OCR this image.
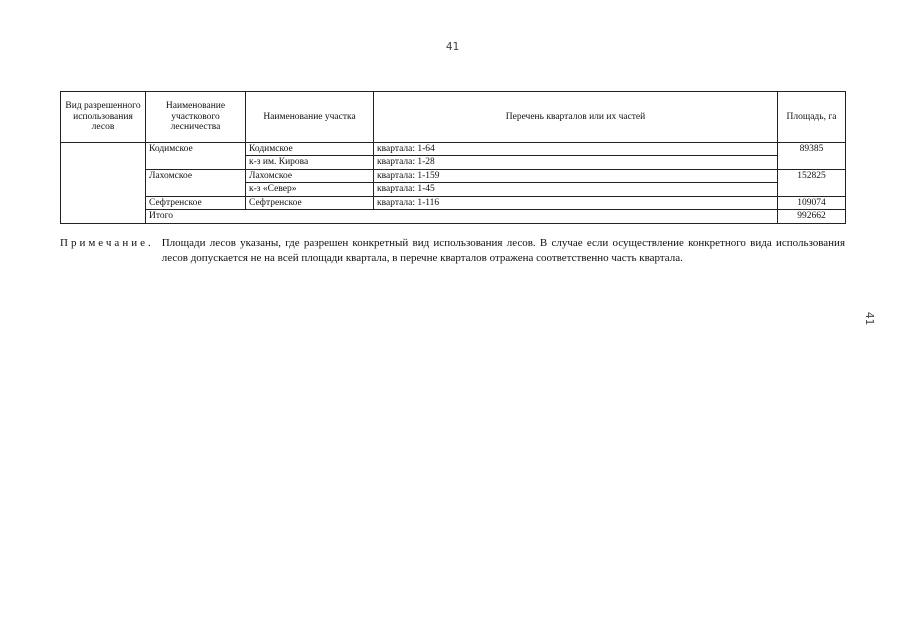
41
41
Вид разрешенного использования лесов	Наименование участкового лесничества	Наименование участка	Перечень кварталов или их частей	Площадь, га
	Кодимское	Кодимское	квартала: 1-64	89385
		к-з им. Кирова	квартала: 1-28	
	Лахомское	Лахомское	квартала: 1-159	152825
		к-з «Север»	квартала: 1-45	
	Сефтренское	Сефтренское	квартала: 1-116	109074
	Итого			992662
Примечание. Площади лесов указаны, где разрешен конкретный вид использования лесов. В случае если осуществление конкретного вида использования лесов допускается не на всей площади квартала, в перечне кварталов отражена соответственно часть квартала.
